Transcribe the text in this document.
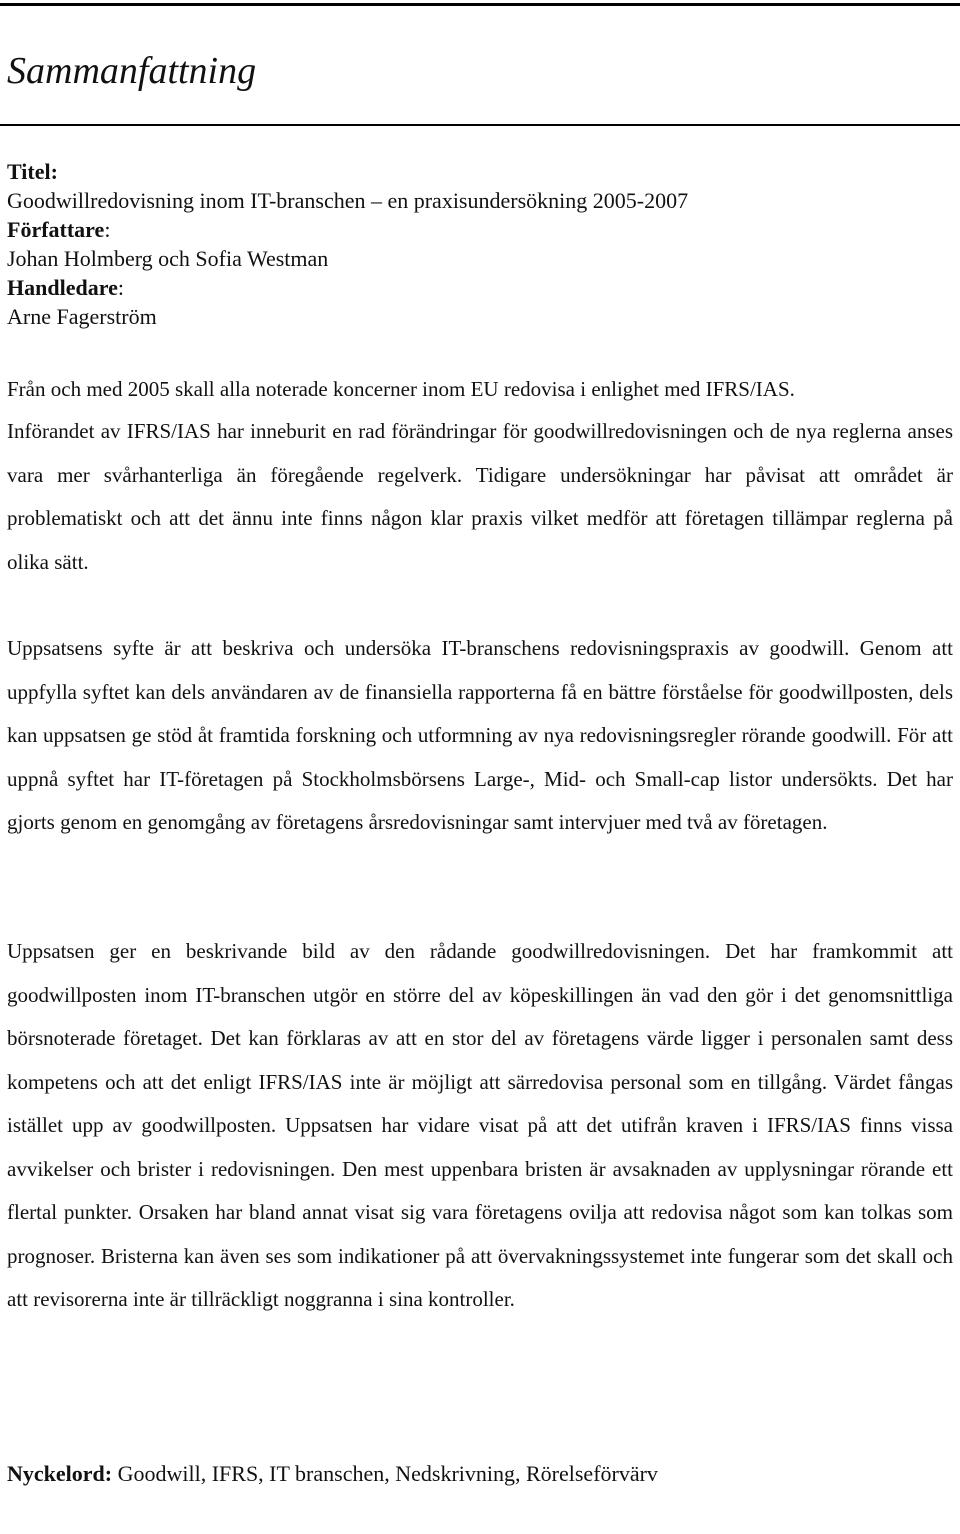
Sammanfattning
Titel:
Goodwillredovisning inom IT-branschen – en praxisundersökning 2005-2007
Författare:
Johan Holmberg och Sofia Westman
Handledare:
Arne Fagerström

Från och med 2005 skall alla noterade koncerner inom EU redovisa i enlighet med IFRS/IAS.

Införandet av IFRS/IAS har inneburit en rad förändringar för goodwillredovisningen och de nya reglerna anses vara mer svårhanterliga än föregående regelverk. Tidigare undersökningar har påvisat att området är problematiskt och att det ännu inte finns någon klar praxis vilket medför att företagen tillämpar reglerna på olika sätt.

Uppsatsens syfte är att beskriva och undersöka IT-branschens redovisningspraxis av goodwill. Genom att uppfylla syftet kan dels användaren av de finansiella rapporterna få en bättre förståelse för goodwillposten, dels kan uppsatsen ge stöd åt framtida forskning och utformning av nya redovisningsregler rörande goodwill. För att uppnå syftet har IT-företagen på Stockholmsbörsens Large-, Mid- och Small-cap listor undersökts. Det har gjorts genom en genomgång av företagens årsredovisningar samt intervjuer med två av företagen.

Uppsatsen ger en beskrivande bild av den rådande goodwillredovisningen. Det har framkommit att goodwillposten inom IT-branschen utgör en större del av köpeskillingen än vad den gör i det genomsnittliga börsnoterade företaget. Det kan förklaras av att en stor del av företagens värde ligger i personalen samt dess kompetens och att det enligt IFRS/IAS inte är möjligt att särredovisa personal som en tillgång. Värdet fångas istället upp av goodwillposten. Uppsatsen har vidare visat på att det utifrån kraven i IFRS/IAS finns vissa avvikelser och brister i redovisningen. Den mest uppenbara bristen är avsaknaden av upplysningar rörande ett flertal punkter. Orsaken har bland annat visat sig vara företagens ovilja att redovisa något som kan tolkas som prognoser. Bristerna kan även ses som indikationer på att övervakningssystemet inte fungerar som det skall och att revisorerna inte är tillräckligt noggranna i sina kontroller.

Nyckelord: Goodwill, IFRS, IT branschen, Nedskrivning, Rörelseförvärv
